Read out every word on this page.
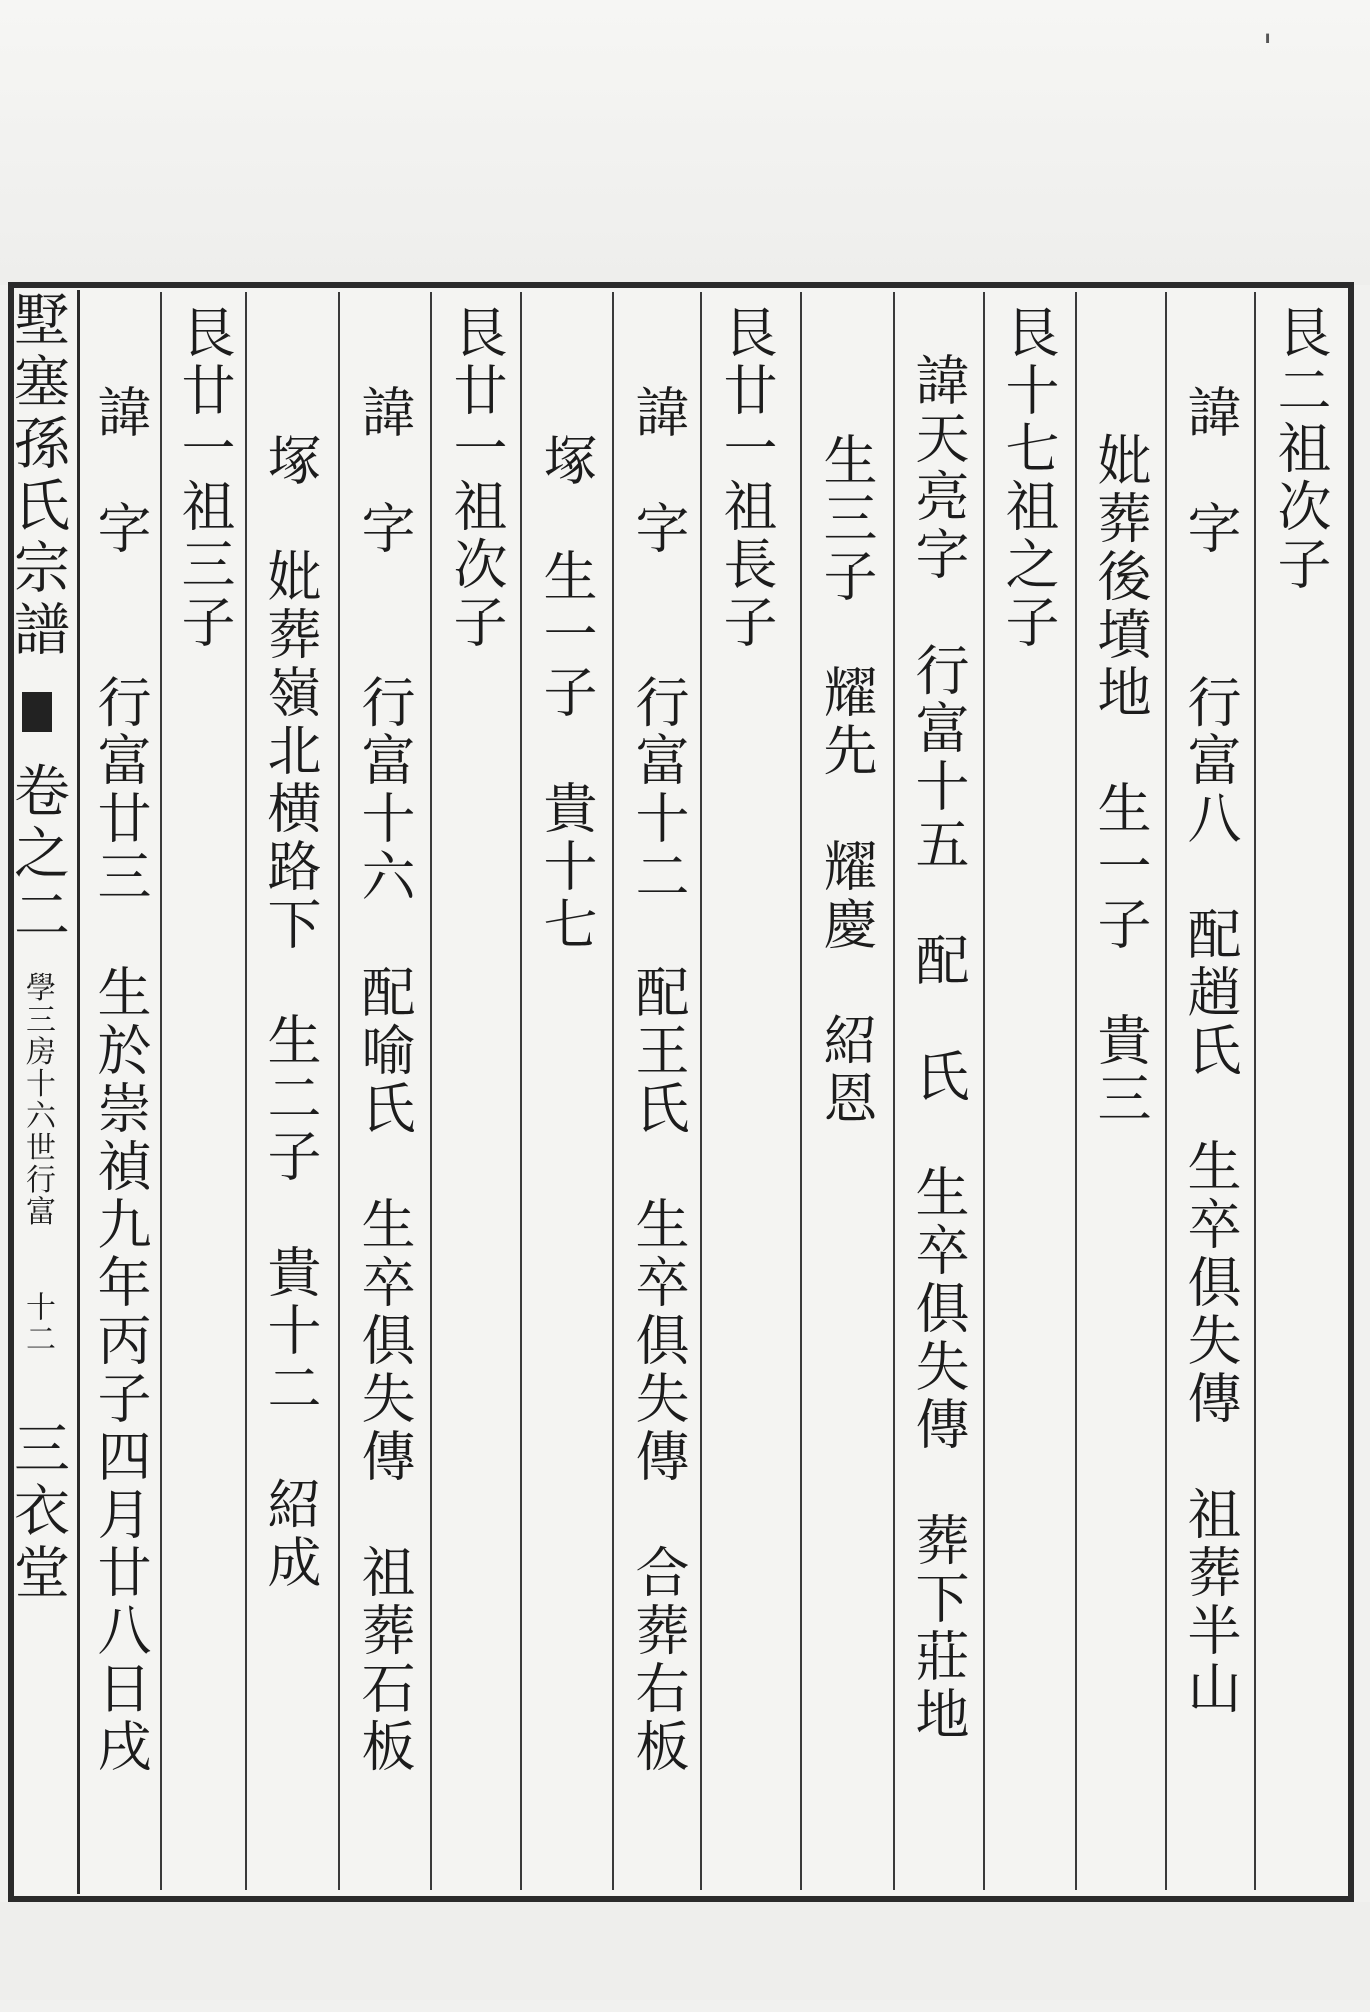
ˈ
墅塞孫氏宗譜  卷之二 學三房十六世行富 十二 三衣堂
艮二祖次子
諱　字　　行富八　配趙氏　生卒俱失傳　祖葬半山
妣葬後墳地　生一子　貴三
艮十七祖之子
諱天亮字　行富十五　配　氏　生卒俱失傳　葬下莊地
生三子　耀先　耀慶　紹恩
艮廿一祖長子
諱　字　　行富十二　配王氏　生卒俱失傳　合葬右板
塚　生一子　貴十七
艮廿一祖次子
諱　字　　行富十六　配喻氏　生卒俱失傳　祖葬石板
塚　妣葬嶺北横路下　生二子　貴十二　紹成
艮廿一祖三子
諱　字　　行富廿三　生於崇禎九年丙子四月廿八日戌
